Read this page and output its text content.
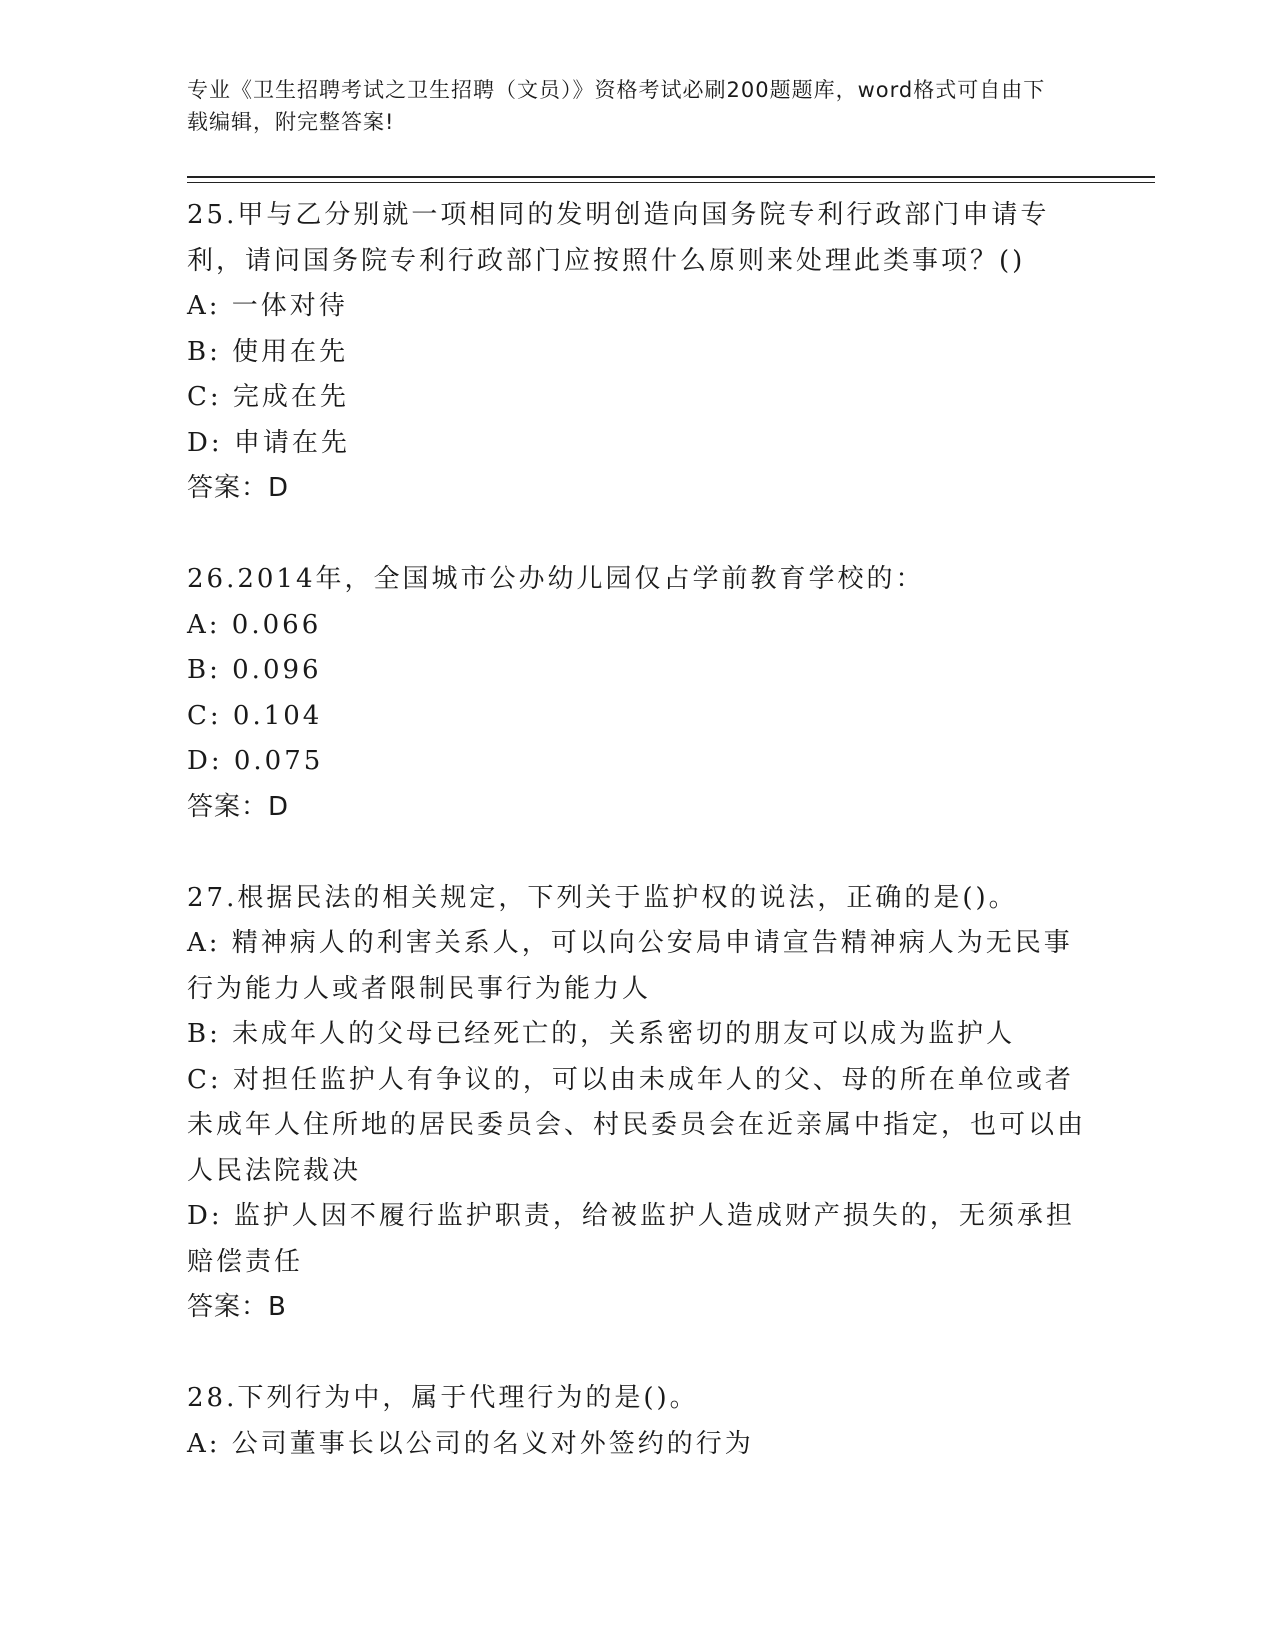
专业《卫生招聘考试之卫生招聘（文员）》资格考试必刷200题题库，word格式可自由下载编辑，附完整答案!

25.甲与乙分别就一项相同的发明创造向国务院专利行政部门申请专利，请问国务院专利行政部门应按照什么原则来处理此类事项？()

A: 一体对待

B: 使用在先

C: 完成在先

D: 申请在先

答案：D

26.2014年，全国城市公办幼儿园仅占学前教育学校的：

A: 0.066

B: 0.096

C: 0.104

D: 0.075

答案：D

27.根据民法的相关规定，下列关于监护权的说法，正确的是()。

A: 精神病人的利害关系人，可以向公安局申请宣告精神病人为无民事行为能力人或者限制民事行为能力人

B: 未成年人的父母已经死亡的，关系密切的朋友可以成为监护人

C: 对担任监护人有争议的，可以由未成年人的父、母的所在单位或者未成年人住所地的居民委员会、村民委员会在近亲属中指定，也可以由人民法院裁决

D: 监护人因不履行监护职责，给被监护人造成财产损失的，无须承担赔偿责任

答案：B

28.下列行为中，属于代理行为的是()。

A: 公司董事长以公司的名义对外签约的行为
